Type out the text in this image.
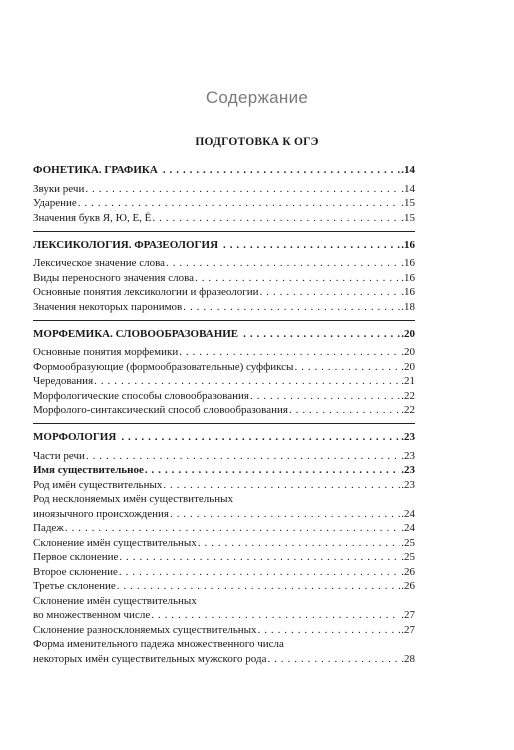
Содержание
ПОДГОТОВКА К ОГЭ
ФОНЕТИКА. ГРАФИКА . . .	.14
Звуки речи . . .	.14
Ударение . . .	.15
Значения букв Я, Ю, Е, Ё . . .	.15
ЛЕКСИКОЛОГИЯ. ФРАЗЕОЛОГИЯ . . .	.16
Лексическое значение слова . . .	.16
Виды переносного значения слова . . .	.16
Основные понятия лексикологии и фразеологии . . .	.16
Значения некоторых паронимов . . .	.18
МОРФЕМИКА. СЛОВООБРАЗОВАНИЕ . . .	.20
Основные понятия морфемики . . .	.20
Формообразующие (формообразовательные) суффиксы . . .	.20
Чередования . . .	.21
Морфологические способы словообразования . . .	.22
Морфолого-синтаксический способ словообразования . . .	.22
МОРФОЛОГИЯ . . .	.23
Части речи . . .	.23
Имя существительное . . .	.23
Род имён существительных . . .	.23
Род несклоняемых имён существительных
иноязычного происхождения . . .	.24
Падеж . . .	.24
Склонение имён существительных . . .	.25
Первое склонение . . .	.25
Второе склонение . . .	.26
Третье склонение . . .	.26
Склонение имён существительных
во множественном числе . . .	.27
Склонение разносклоняемых существительных . . .	.27
Форма именительного падежа множественного числа
некоторых имён существительных мужского рода . . .	.28
